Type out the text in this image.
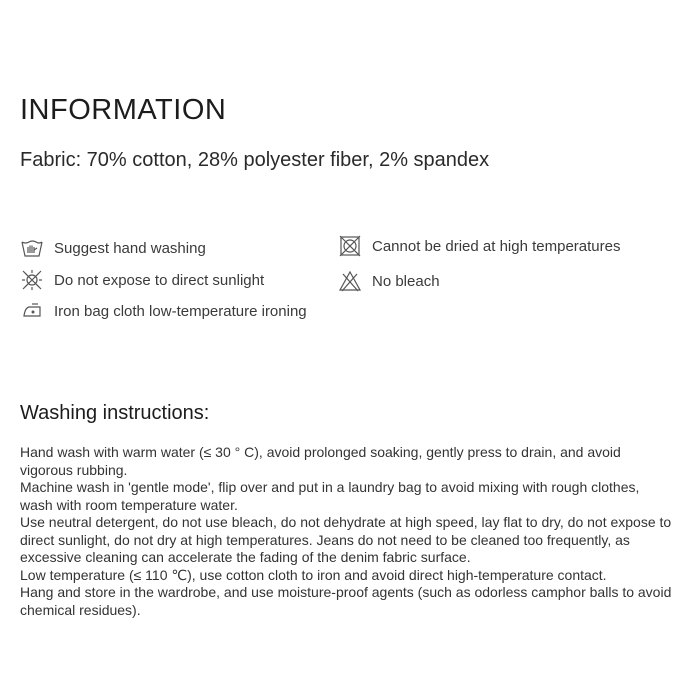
INFORMATION
Fabric: 70% cotton, 28% polyester fiber, 2% spandex
Suggest hand washing
Do not expose to direct sunlight
Iron bag cloth low-temperature ironing
Cannot be dried at high temperatures
No bleach
Washing instructions:

Hand wash with warm water (≤ 30 ° C), avoid prolonged soaking, gently press to drain, and avoid vigorous rubbing.

Machine wash in 'gentle mode', flip over and put in a laundry bag to avoid mixing with rough clothes, wash with room temperature water.

Use neutral detergent, do not use bleach, do not dehydrate at high speed, lay flat to dry, do not expose to direct sunlight, do not dry at high temperatures. Jeans do not need to be cleaned too frequently, as excessive cleaning can accelerate the fading of the denim fabric surface.

Low temperature (≤ 110 ℃), use cotton cloth to iron and avoid direct high-temperature contact.

Hang and store in the wardrobe, and use moisture-proof agents (such as odorless camphor balls to avoid chemical residues).
